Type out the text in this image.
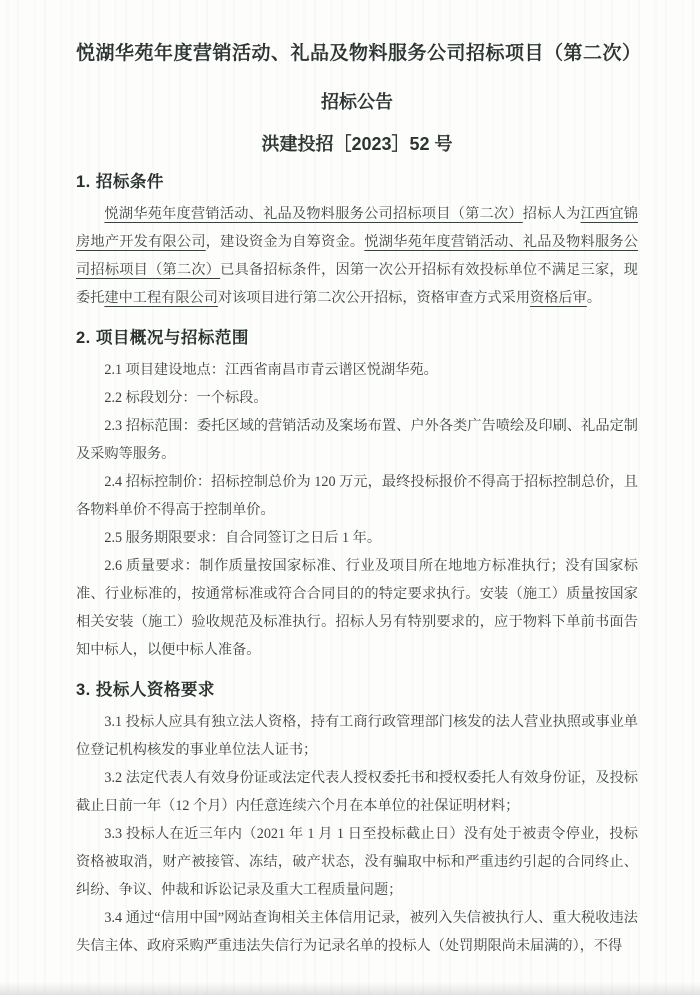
悦湖华苑年度营销活动、礼品及物料服务公司招标项目（第二次）
招标公告
洪建投招［2023］52 号
1. 招标条件

悦湖华苑年度营销活动、礼品及物料服务公司招标项目（第二次）招标人为江西宜锦房地产开发有限公司，建设资金为自筹资金。悦湖华苑年度营销活动、礼品及物料服务公司招标项目（第二次）已具备招标条件，因第一次公开招标有效投标单位不满足三家，现委托建中工程有限公司对该项目进行第二次公开招标，资格审查方式采用资格后审。

2. 项目概况与招标范围

2.1 项目建设地点：江西省南昌市青云谱区悦湖华苑。

2.2 标段划分：一个标段。

2.3 招标范围：委托区域的营销活动及案场布置、户外各类广告喷绘及印刷、礼品定制及采购等服务。

2.4 招标控制价：招标控制总价为 120 万元，最终投标报价不得高于招标控制总价，且各物料单价不得高于控制单价。

2.5 服务期限要求：自合同签订之日后 1 年。

2.6 质量要求：制作质量按国家标准、行业及项目所在地地方标准执行；没有国家标准、行业标准的，按通常标准或符合合同目的的特定要求执行。安装（施工）质量按国家相关安装（施工）验收规范及标准执行。招标人另有特别要求的，应于物料下单前书面告知中标人，以便中标人准备。

3. 投标人资格要求

3.1 投标人应具有独立法人资格，持有工商行政管理部门核发的法人营业执照或事业单位登记机构核发的事业单位法人证书；

3.2 法定代表人有效身份证或法定代表人授权委托书和授权委托人有效身份证，及投标截止日前一年（12 个月）内任意连续六个月在本单位的社保证明材料；

3.3 投标人在近三年内（2021 年 1 月 1 日至投标截止日）没有处于被责令停业，投标资格被取消，财产被接管、冻结，破产状态，没有骗取中标和严重违约引起的合同终止、纠纷、争议、仲裁和诉讼记录及重大工程质量问题；

3.4 通过“信用中国”网站查询相关主体信用记录，被列入失信被执行人、重大税收违法失信主体、政府采购严重违法失信行为记录名单的投标人（处罚期限尚未届满的），不得
